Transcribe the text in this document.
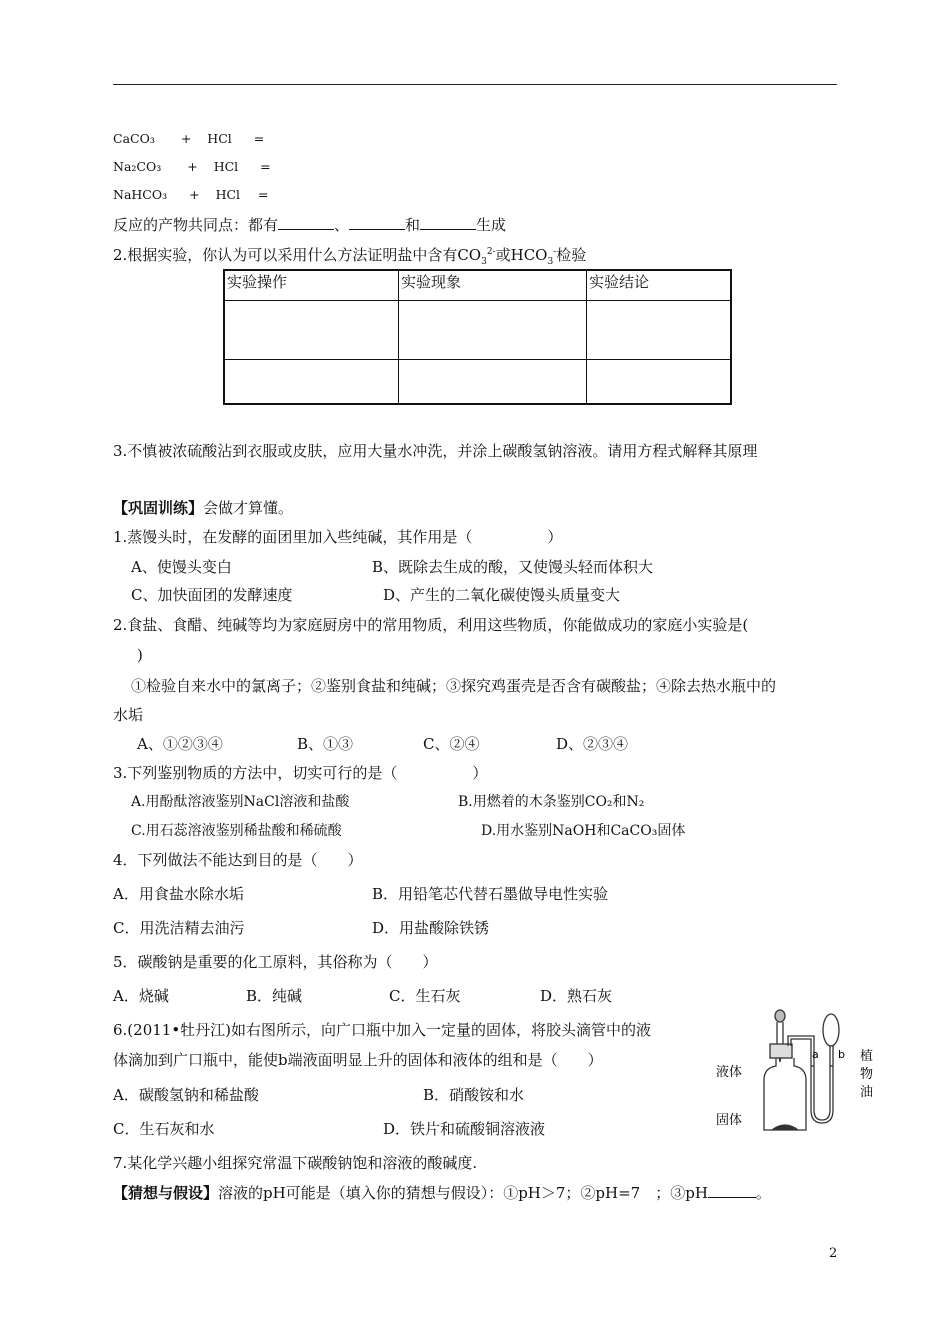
CaCO₃ + HCl =
Na₂CO₃ + HCl =
NaHCO₃ + HCl =
反应的产物共同点：都有	、	和	生成
2.根据实验，你认为可以采用什么方法证明盐中含有$CO_3^{2-}$或$HCO_3^-$检验
实验操作	实验现象	实验结论

3.不慎被浓硫酸沾到衣服或皮肤，应用大量水冲洗，并涂上碳酸氢钠溶液。请用方程式解释其原理
【巩固训练】会做才算懂。
1.蒸馒头时，在发酵的面团里加入些纯碱，其作用是（　　　　　）
A、使馒头变白	B、既除去生成的酸，又使馒头轻而体积大
C、加快面团的发酵速度	D、产生的二氧化碳使馒头质量变大
2.食盐、食醋、纯碱等均为家庭厨房中的常用物质，利用这些物质，你能做成功的家庭小实验是(
)
①检验自来水中的氯离子；②鉴别食盐和纯碱；③探究鸡蛋壳是否含有碳酸盐；④除去热水瓶中的
水垢
A、①②③④	B、①③	C、②④	D、②③④
3.下列鉴别物质的方法中，切实可行的是（　　　　　）
A.用酚酞溶液鉴别NaCl溶液和盐酸	B.用燃着的木条鉴别CO₂和N₂
C.用石蕊溶液鉴别稀盐酸和稀硫酸	D.用水鉴别NaOH和CaCO₃固体
4．下列做法不能达到目的是（　　）
A．用食盐水除水垢	B．用铅笔芯代替石墨做导电性实验
C．用洗洁精去油污	D．用盐酸除铁锈
5．碳酸钠是重要的化工原料，其俗称为（　　）
A．烧碱	B．纯碱	C．生石灰	D．熟石灰
6.(2011•牡丹江)如右图所示，向广口瓶中加入一定量的固体，将胶头滴管中的液
体滴加到广口瓶中，能使b端液面明显上升的固体和液体的组和是（　　）
A．碳酸氢钠和稀盐酸	B．硝酸铵和水
C．生石灰和水	D．铁片和硫酸铜溶液液
7.某化学兴趣小组探究常温下碳酸钠饱和溶液的酸碱度.
【猜想与假设】溶液的pH可能是（填入你的猜想与假设）：①pH＞7；②pH=7　；③pH	。
液体
固体
a b 植
物
油
2
